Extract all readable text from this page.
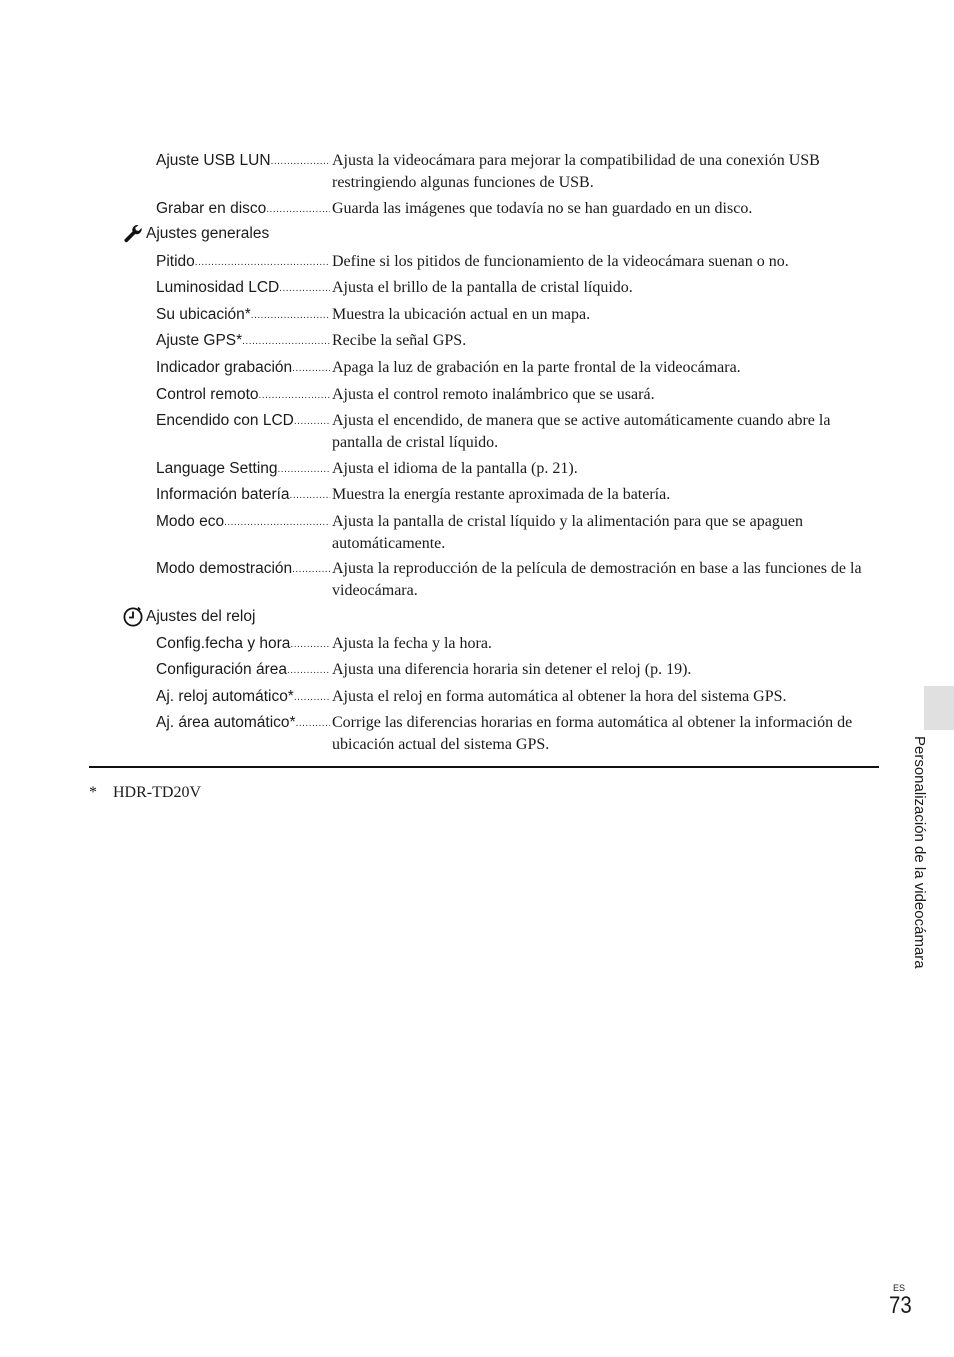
Ajuste USB LUN .....	Ajusta la videocámara para mejorar la compatibilidad de una conexión USB restringiendo algunas funciones de USB.
Grabar en disco .....	Guarda las imágenes que todavía no se han guardado en un disco.
Ajustes generales
Pitido .....	Define si los pitidos de funcionamiento de la videocámara suenan o no.
Luminosidad LCD .....	Ajusta el brillo de la pantalla de cristal líquido.
Su ubicación* .....	Muestra la ubicación actual en un mapa.
Ajuste GPS* .....	Recibe la señal GPS.
Indicador grabación .....	Apaga la luz de grabación en la parte frontal de la videocámara.
Control remoto .....	Ajusta el control remoto inalámbrico que se usará.
Encendido con LCD .....	Ajusta el encendido, de manera que se active automáticamente cuando abre la pantalla de cristal líquido.
Language Setting .....	Ajusta el idioma de la pantalla (p. 21).
Información batería .....	Muestra la energía restante aproximada de la batería.
Modo eco .....	Ajusta la pantalla de cristal líquido y la alimentación para que se apaguen automáticamente.
Modo demostración .....	Ajusta la reproducción de la película de demostración en base a las funciones de la videocámara.
Ajustes del reloj
Config.fecha y hora .....	Ajusta la fecha y la hora.
Configuración área .....	Ajusta una diferencia horaria sin detener el reloj (p. 19).
Aj. reloj automático* .....	Ajusta el reloj en forma automática al obtener la hora del sistema GPS.
Aj. área automático* .....	Corrige las diferencias horarias en forma automática al obtener la información de ubicación actual del sistema GPS.
* HDR-TD20V	Personalización de la videocámara
ES
73
